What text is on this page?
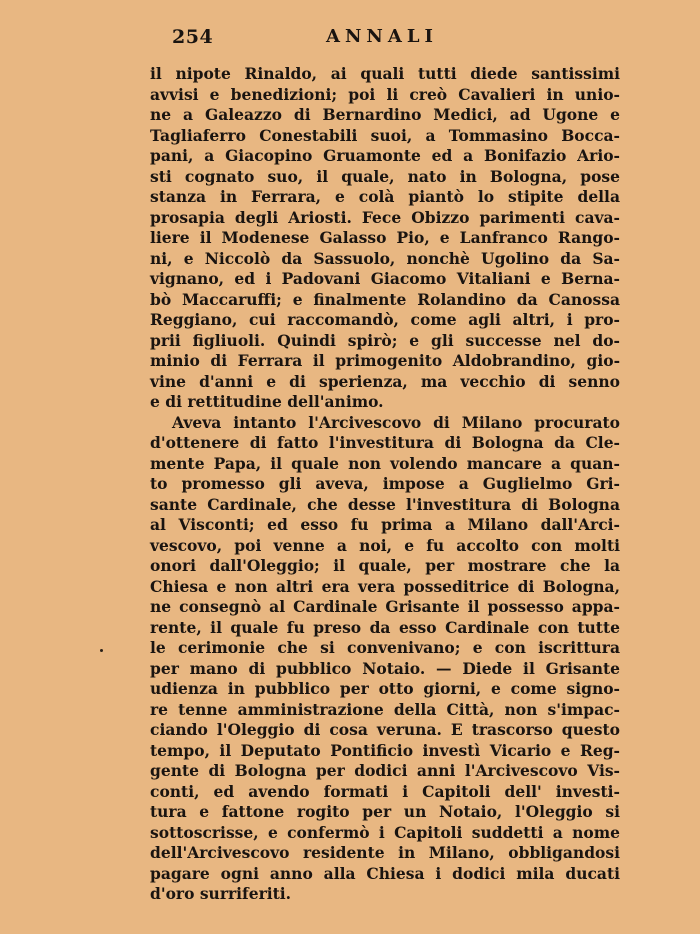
254	ANNALI
il nipote Rinaldo, ai quali tutti diede santissimi
avvisi e benedizioni; poi li creò Cavalieri in unio-
ne a Galeazzo di Bernardino Medici, ad Ugone e
Tagliaferro Conestabili suoi, a Tommasino Bocca-
pani, a Giacopino Gruamonte ed a Bonifazio Ario-
sti cognato suo, il quale, nato in Bologna, pose
stanza in Ferrara, e colà piantò lo stipite della
prosapia degli Ariosti. Fece Obizzo parimenti cava-
liere il Modenese Galasso Pio, e Lanfranco Rango-
ni, e Niccolò da Sassuolo, nonchè Ugolino da Sa-
vignano, ed i Padovani Giacomo Vitaliani e Berna-
bò Maccaruffi; e finalmente Rolandino da Canossa
Reggiano, cui raccomandò, come agli altri, i pro-
prii figliuoli. Quindi spirò; e gli successe nel do-
minio di Ferrara il primogenito Aldobrandino, gio-
vine d'anni e di sperienza, ma vecchio di senno
e di rettitudine dell'animo.
Aveva intanto l'Arcivescovo di Milano procurato
d'ottenere di fatto l'investitura di Bologna da Cle-
mente Papa, il quale non volendo mancare a quan-
to promesso gli aveva, impose a Guglielmo Gri-
sante Cardinale, che desse l'investitura di Bologna
al Visconti; ed esso fu prima a Milano dall'Arci-
vescovo, poi venne a noi, e fu accolto con molti
onori dall'Oleggio; il quale, per mostrare che la
Chiesa e non altri era vera posseditrice di Bologna,
ne consegnò al Cardinale Grisante il possesso appa-
rente, il quale fu preso da esso Cardinale con tutte
le cerimonie che si convenivano; e con iscrittura
per mano di pubblico Notaio. — Diede il Grisante
udienza in pubblico per otto giorni, e come signo-
re tenne amministrazione della Città, non s'impac-
ciando l'Oleggio di cosa veruna. E trascorso questo
tempo, il Deputato Pontificio investì Vicario e Reg-
gente di Bologna per dodici anni l'Arcivescovo Vis-
conti, ed avendo formati i Capitoli dell' investi-
tura e fattone rogito per un Notaio, l'Oleggio si
sottoscrisse, e confermò i Capitoli suddetti a nome
dell'Arcivescovo residente in Milano, obbligandosi
pagare ogni anno alla Chiesa i dodici mila ducati
d'oro surriferiti.
